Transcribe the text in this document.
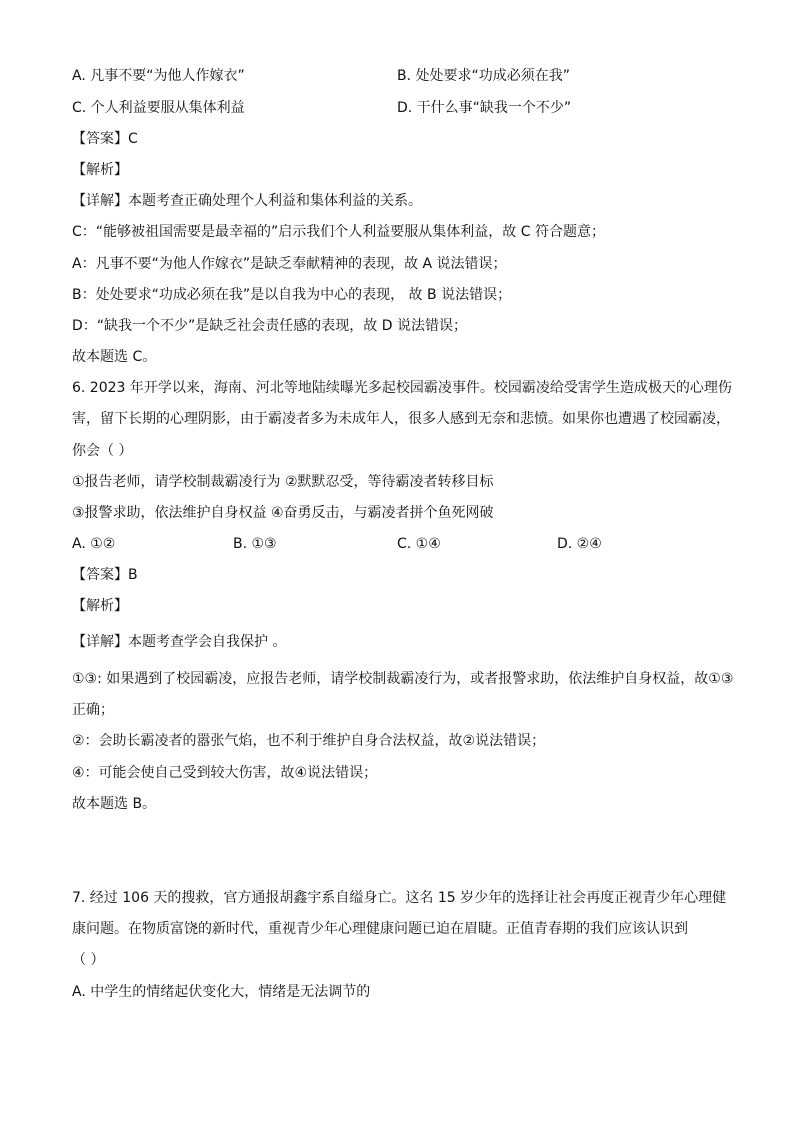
A. 凡事不要“为他人作嫁衣”	B. 处处要求“功成必须在我”
C. 个人利益要服从集体利益	D. 干什么事“缺我一个不少”
【答案】C
【解析】
【详解】本题考查正确处理个人利益和集体利益的关系。
C：“能够被祖国需要是最幸福的”启示我们个人利益要服从集体利益，故 C 符合题意；
A：凡事不要“为他人作嫁衣”是缺乏奉献精神的表现，故 A 说法错误；
B：处处要求“功成必须在我”是以自我为中心的表现， 故 B 说法错误；
D：“缺我一个不少”是缺乏社会责任感的表现，故 D 说法错误；
故本题选 C。
6. 2023 年开学以来，海南、河北等地陆续曝光多起校园霸凌事件。校园霸凌给受害学生造成极天的心理伤
害，留下长期的心理阴影，由于霸凌者多为未成年人，很多人感到无奈和悲愤。如果你也遭遇了校园霸凌，
你会（ ）
①报告老师，请学校制裁霸凌行为 ②默默忍受，等待霸凌者转移目标
③报警求助，依法维护自身权益 ④奋勇反击，与霸凌者拼个鱼死网破
A. ①②	B. ①③	C. ①④	D. ②④
【答案】B
【解析】
【详解】本题考查学会自我保护 。
①③: 如果遇到了校园霸凌，应报告老师，请学校制裁霸凌行为，或者报警求助，依法维护自身权益，故①③
正确；
②：会助长霸凌者的嚣张气焰，也不利于维护自身合法权益，故②说法错误；
④：可能会使自己受到较大伤害，故④说法错误；
故本题选 B。
7. 经过 106 天的搜救，官方通报胡鑫宇系自缢身亡。这名 15 岁少年的选择让社会再度正视青少年心理健
康问题。在物质富饶的新时代，重视青少年心理健康问题已迫在眉睫。正值青春期的我们应该认识到
（ ）
A. 中学生的情绪起伏变化大，情绪是无法调节的
